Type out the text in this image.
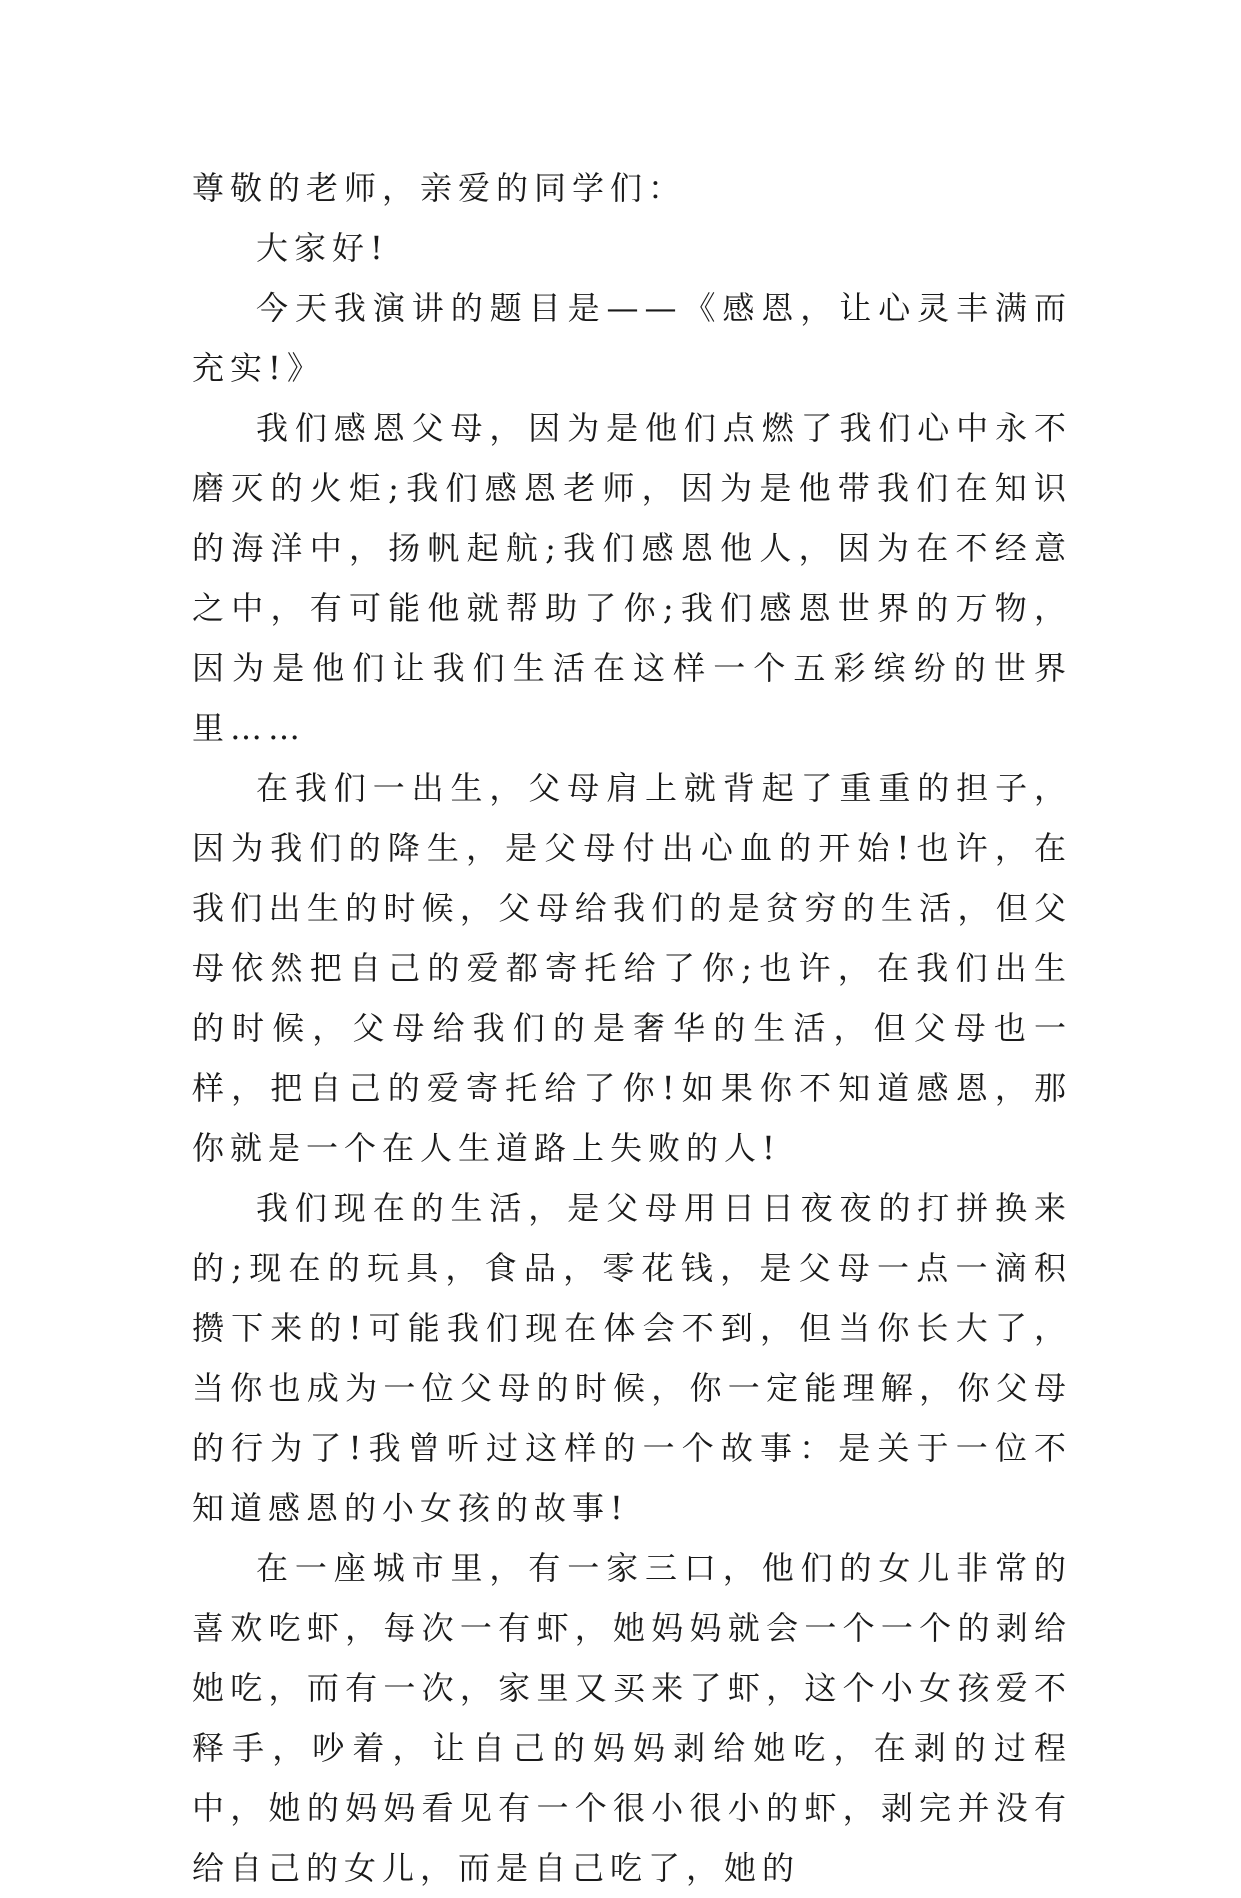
尊敬的老师，亲爱的同学们：

大家好!

今天我演讲的题目是——《感恩，让心灵丰满而充实!》

我们感恩父母，因为是他们点燃了我们心中永不磨灭的火炬;我们感恩老师，因为是他带我们在知识的海洋中，扬帆起航;我们感恩他人，因为在不经意之中，有可能他就帮助了你;我们感恩世界的万物，因为是他们让我们生活在这样一个五彩缤纷的世界里……

在我们一出生，父母肩上就背起了重重的担子，因为我们的降生，是父母付出心血的开始!也许，在我们出生的时候，父母给我们的是贫穷的生活，但父母依然把自己的爱都寄托给了你;也许，在我们出生的时候，父母给我们的是奢华的生活，但父母也一样，把自己的爱寄托给了你!如果你不知道感恩，那你就是一个在人生道路上失败的人!

我们现在的生活，是父母用日日夜夜的打拼换来的;现在的玩具，食品，零花钱，是父母一点一滴积攒下来的!可能我们现在体会不到，但当你长大了，当你也成为一位父母的时候，你一定能理解，你父母的行为了!我曾听过这样的一个故事：是关于一位不知道感恩的小女孩的故事!

在一座城市里，有一家三口，他们的女儿非常的喜欢吃虾，每次一有虾，她妈妈就会一个一个的剥给她吃，而有一次，家里又买来了虾，这个小女孩爱不释手，吵着，让自己的妈妈剥给她吃，在剥的过程中，她的妈妈看见有一个很小很小的虾，剥完并没有给自己的女儿，而是自己吃了，她的
